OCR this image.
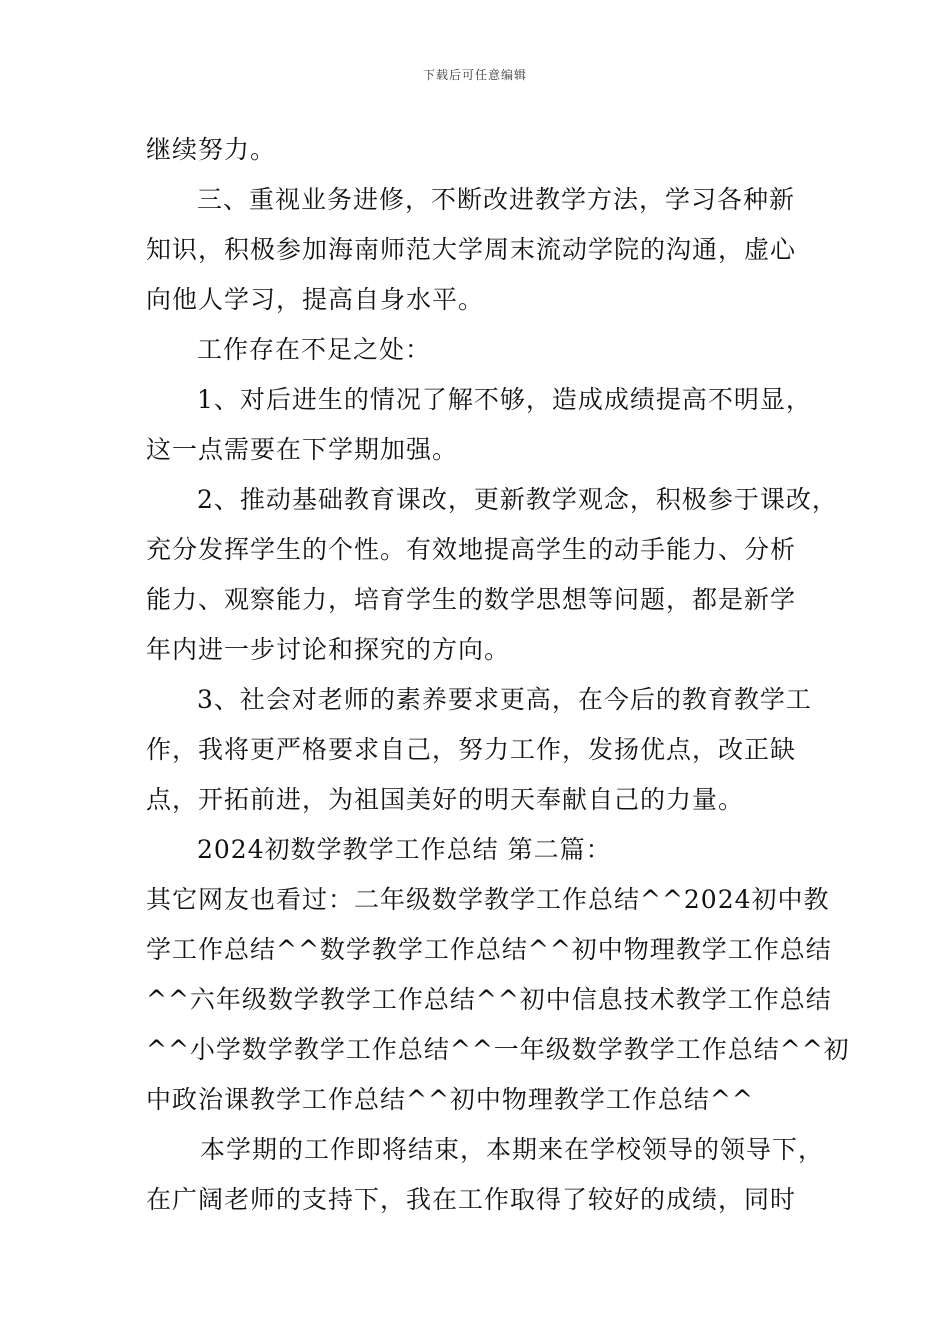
下载后可任意编辑
继续努力。
三、重视业务进修，不断改进教学方法，学习各种新
知识，积极参加海南师范大学周末流动学院的沟通，虚心
向他人学习，提高自身水平。
工作存在不足之处：
1、对后进生的情况了解不够，造成成绩提高不明显，
这一点需要在下学期加强。
2、推动基础教育课改，更新教学观念，积极参于课改，
充分发挥学生的个性。有效地提高学生的动手能力、分析
能力、观察能力，培育学生的数学思想等问题，都是新学
年内进一步讨论和探究的方向。
3、社会对老师的素养要求更高，在今后的教育教学工
作，我将更严格要求自己，努力工作，发扬优点，改正缺
点，开拓前进，为祖国美好的明天奉献自己的力量。
2024初数学教学工作总结 第二篇：
其它网友也看过：二年级数学教学工作总结^^2024初中教
学工作总结^^数学教学工作总结^^初中物理教学工作总结
^^六年级数学教学工作总结^^初中信息技术教学工作总结
^^小学数学教学工作总结^^一年级数学教学工作总结^^初
中政治课教学工作总结^^初中物理教学工作总结^^
本学期的工作即将结束，本期来在学校领导的领导下，
在广阔老师的支持下，我在工作取得了较好的成绩，同时
